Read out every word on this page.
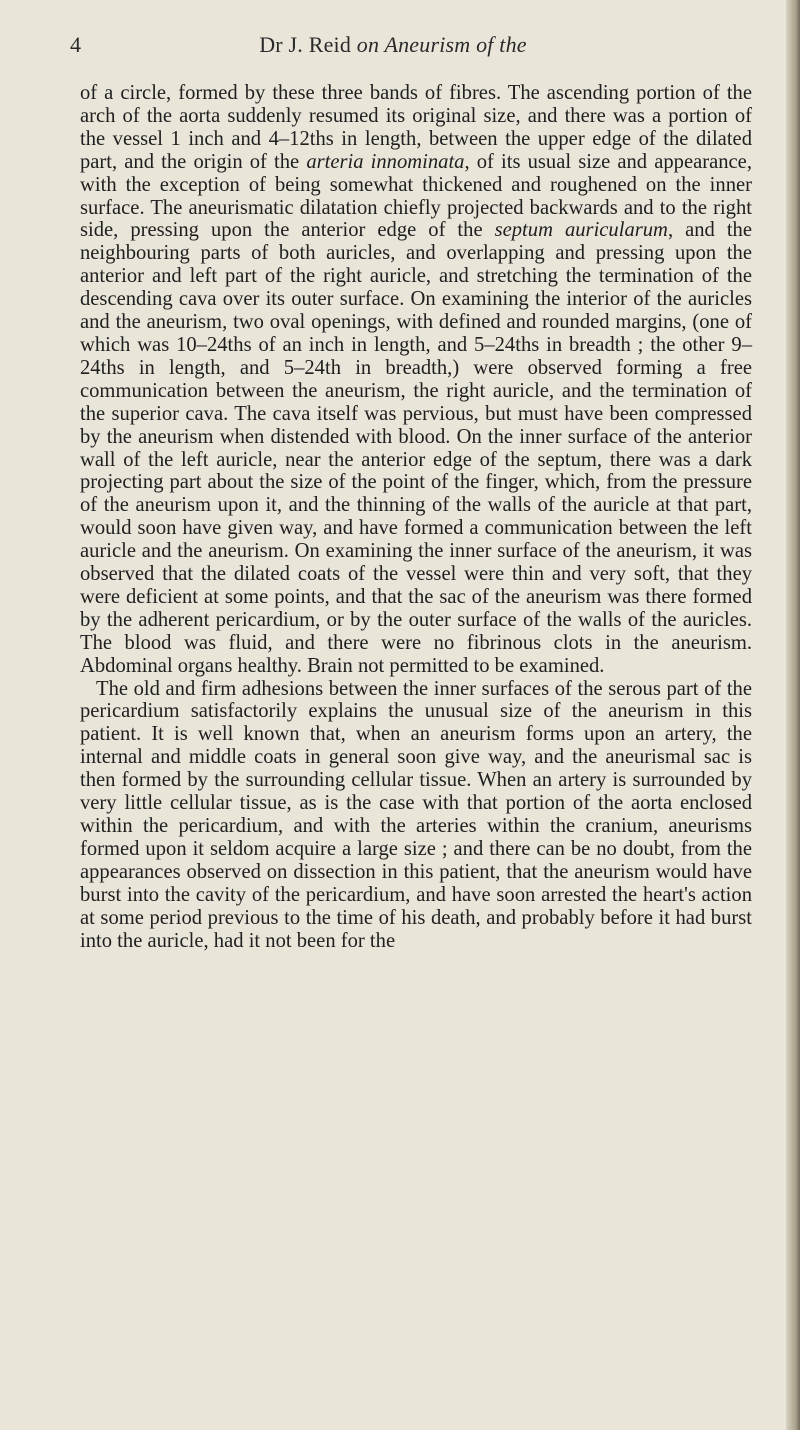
4	Dr J. Reid on Aneurism of the

of a circle, formed by these three bands of fibres. The ascending portion of the arch of the aorta suddenly resumed its original size, and there was a portion of the vessel 1 inch and 4–12ths in length, between the upper edge of the dilated part, and the origin of the arteria innominata, of its usual size and appearance, with the exception of being somewhat thickened and roughened on the inner surface. The aneurismatic dilatation chiefly projected backwards and to the right side, pressing upon the anterior edge of the septum auricularum, and the neighbouring parts of both auricles, and overlapping and pressing upon the anterior and left part of the right auricle, and stretching the termination of the descending cava over its outer surface. On examining the interior of the auricles and the aneurism, two oval openings, with defined and rounded margins, (one of which was 10–24ths of an inch in length, and 5–24ths in breadth ; the other 9–24ths in length, and 5–24th in breadth,) were observed forming a free communication between the aneurism, the right auricle, and the termination of the superior cava. The cava itself was pervious, but must have been compressed by the aneurism when distended with blood. On the inner surface of the anterior wall of the left auricle, near the anterior edge of the septum, there was a dark projecting part about the size of the point of the finger, which, from the pressure of the aneurism upon it, and the thinning of the walls of the auricle at that part, would soon have given way, and have formed a communication between the left auricle and the aneurism. On examining the inner surface of the aneurism, it was observed that the dilated coats of the vessel were thin and very soft, that they were deficient at some points, and that the sac of the aneurism was there formed by the adherent pericardium, or by the outer surface of the walls of the auricles. The blood was fluid, and there were no fibrinous clots in the aneurism. Abdominal organs healthy. Brain not permitted to be examined.

The old and firm adhesions between the inner surfaces of the serous part of the pericardium satisfactorily explains the unusual size of the aneurism in this patient. It is well known that, when an aneurism forms upon an artery, the internal and middle coats in general soon give way, and the aneurismal sac is then formed by the surrounding cellular tissue. When an artery is surrounded by very little cellular tissue, as is the case with that portion of the aorta enclosed within the pericardium, and with the arteries within the cranium, aneurisms formed upon it seldom acquire a large size ; and there can be no doubt, from the appearances observed on dissection in this patient, that the aneurism would have burst into the cavity of the pericardium, and have soon arrested the heart's action at some period previous to the time of his death, and probably before it had burst into the auricle, had it not been for the
